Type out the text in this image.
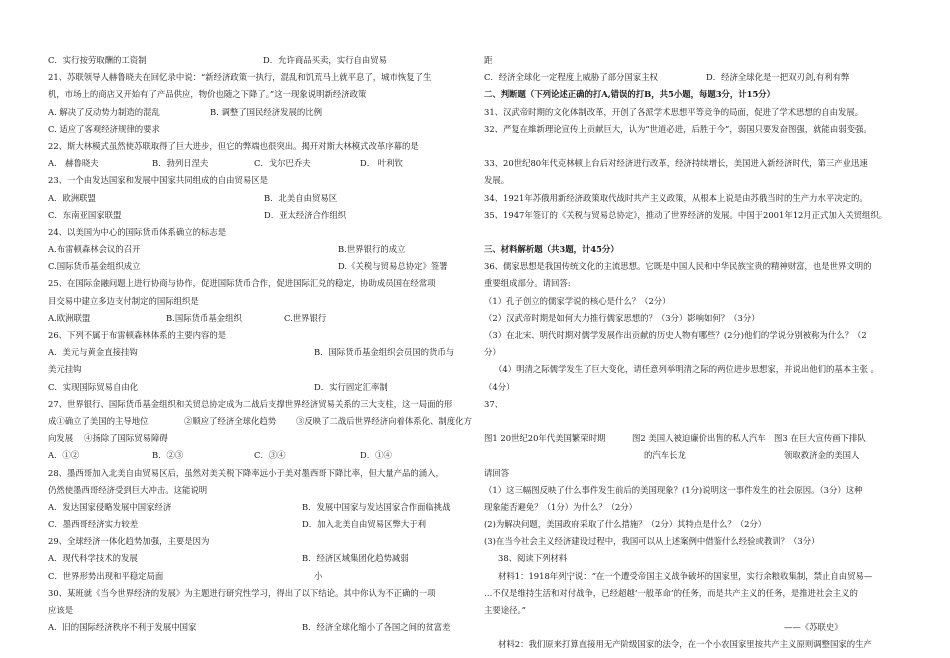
C．实行按劳取酬的工资制	D．允许商品买卖，实行自由贸易
21、苏联领导人赫鲁晓夫在回忆录中说：“新经济政策一执行，混乱和饥荒马上就平息了，城市恢复了生
机，市场上的商店又开始有了产品供应，物价也随之下降了。”这一现象说明新经济政策
A. 解决了反动势力制造的混乱	B. 调整了国民经济发展的比例
C. 适应了客观经济规律的要求
22、斯大林模式虽然使苏联取得了巨大进步，但它的弊端也很突出。揭开对斯大林模式改革序幕的是
A． 赫鲁晓夫	B．勃列日涅夫	C．戈尔巴乔夫	D． 叶利钦
23、一个由发达国家和发展中国家共同组成的自由贸易区是
A．欧洲联盟	B．北美自由贸易区
C．东南亚国家联盟	D．亚太经济合作组织
24、以美国为中心的国际货币体系确立的标志是
A.布雷顿森林会议的召开	B.世界银行的成立
C.国际货币基金组织成立	D.《关税与贸易总协定》签署
25、在国际金融问题上进行协商与协作，促进国际货币合作，促进国际汇兑的稳定，协助成员国在经常项
目交易中建立多边支付制定的国际组织是
A.欧洲联盟	B.国际货币基金组织	C.世界银行
26、下列不属于布雷顿森林体系的主要内容的是
A．美元与黄金直接挂钩	B．国际货币基金组织会员国的货币与
美元挂钩
C．实现国际贸易自由化	D．实行固定汇率制
27、世界银行、国际货币基金组织和关贸总协定成为二战后支撑世界经济贸易关系的三大支柱，这一局面的形
成①确立了美国的主导地位	②顺应了经济全球化趋势 ③反映了二战后世界经济向着体系化、制度化方
向发展 ④扬除了国际贸易障碍
A．①②	B．②③	C．③④	D．①④
28、墨西哥加入北美自由贸易区后，虽然对美关税下降率远小于美对墨西哥下降比率，但大量产品的涌入，
仍然使墨西哥经济受到巨大冲击。这能说明
A．发达国家侵略发展中国家经济	B．发展中国家与发达国家合作面临挑战
C．墨西哥经济实力较差	D．加入北美自由贸易区弊大于利
29、全球经济一体化趋势加强，主要是因为
A．现代科学技术的发展	B．经济区域集团化趋势减弱
C．世界形势出现和平稳定局面	小
30、某班就《当今世界经济的发展》为主题进行研究性学习，得出了以下结论。其中你认为不正确的一项
应该是
A．旧的国际经济秩序不利于发展中国家	B．经济全球化缩小了各国之间的贫富差
距
C．经济全球化一定程度上威胁了部分国家主权	D．经济全球化是一把双刃剑,有利有弊
二、判断题（下列论述正确的打A,错误的打B，共5小题，每题3分，计15分）
31、汉武帝时期的文化体制改革，开创了各派学术思想平等竞争的局面，促进了学术思想的自由发展。
32、严复在維新理论宣传上贡献巨大，认为“世道必进，后胜于今”，弱国只要发奋图强，就能由弱变强。
33、20世纪80年代克林顿上台后对经济进行改革，经济持续增长，美国进入新经济时代，第三产业迅速
发展。
34、1921年苏俄用新经济政策取代战时共产主义政策，从根本上说是由苏俄当时的生产力水平决定的。
35、1947年签订的《关税与贸易总协定》，推动了世界经济的发展。中国于2001年12月正式加入关贸组织。
三、材料解析题（共3题，计45分）
36、儒家思想是我国传统文化的主流思想。它既是中国人民和中华民族宝贵的精神财富，也是世界文明的
重要组成部分。请回答:
（1）孔子创立的儒家学说的核心是什么？（2分）
（2）汉武帝时期是如何大力推行儒家思想的？（3分）影响如何？（3分）
（3）在北宋、明代时期对儒学发展作出贡献的历史人物有哪些？(2分)他们的学说分别被称为什么？（2
分）
（4）明清之际儒学发生了巨大变化，请任意列举明清之际的两位进步思想家，并说出他们的基本主张 。
（4分）
37、
图1 20世纪20年代美国繁荣时期	图2 美国人被迫廉价出售的私人汽车 图3 在巨大宣传画下排队
的汽车长龙	领取救济金的美国人
请回答
（1）这三幅图反映了什么事件发生前后的美国现象？(1分)说明这一事件发生的社会原因。（3分）这种
现象能否避免？（1分）为什么？（2分）
(2)为解决问题，美国政府采取了什么措施？（2分）其特点是什么？（2分）
(3)在当今社会主义经济建设过程中，我国可以从上述案例中借鉴什么经验或教训？（3分）
38、阅读下列材料
材料1：1918年列宁说：“在一个遭受帝国主义战争破坏的国家里，实行余粮收集制，禁止自由贸易—
…不仅是维持生活和对付战争，已经超越‘一般革命’的任务，而是共产主义的任务，是推进社会主义的
主要途径。”
——《苏联史》
材料2：我们原来打算直接用无产阶级国家的法令，在一个小农国家里按共产主义原则调整国家的生产
